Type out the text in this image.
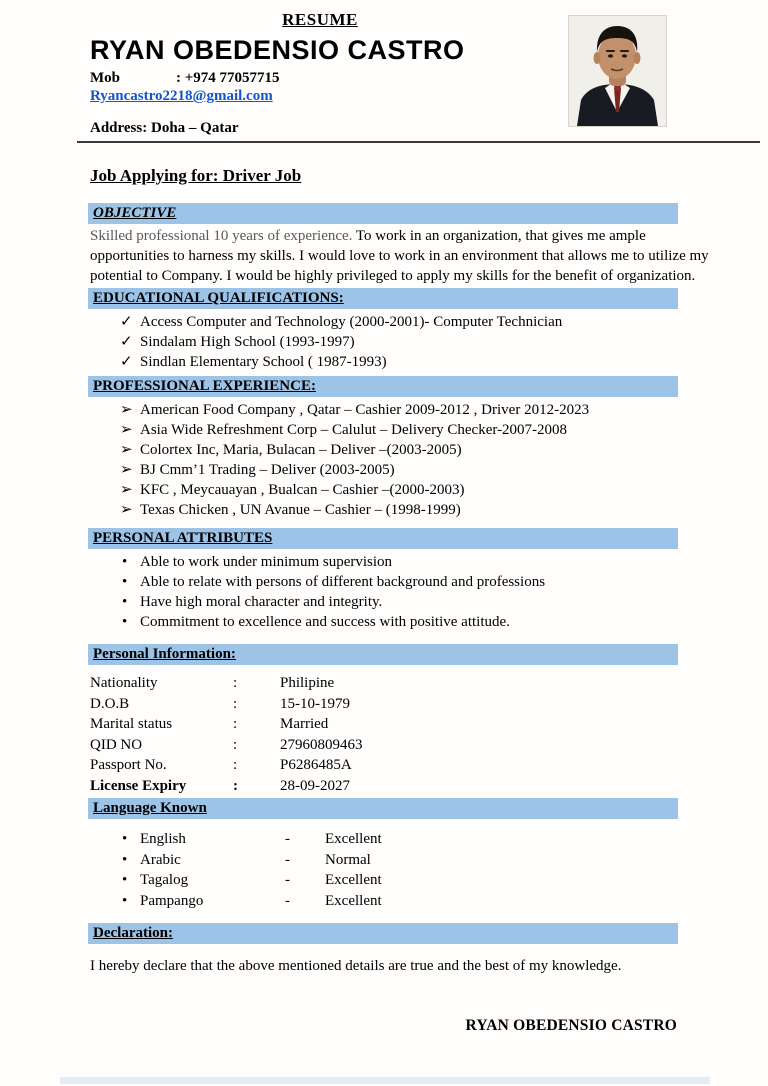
RESUME
RYAN OBEDENSIO CASTRO
Mob	: +974 77057715
Ryancastro2218@gmail.com
Address: Doha – Qatar
Job Applying for: Driver Job
OBJECTIVE

Skilled professional 10 years of experience. To work in an organization, that gives me ample opportunities to harness my skills. I would love to work in an environment that allows me to utilize my potential to Company. I would be highly privileged to apply my skills for the benefit of organization.

EDUCATIONAL QUALIFICATIONS:
✓ Access Computer and Technology (2000-2001)- Computer Technician
✓ Sindalam High School (1993-1997)
✓ Sindlan Elementary School ( 1987-1993)
PROFESSIONAL EXPERIENCE:
➢ American Food Company , Qatar – Cashier 2009-2012 , Driver 2012-2023
➢ Asia Wide Refreshment Corp – Calulut – Delivery Checker-2007-2008
➢ Colortex Inc, Maria, Bulacan – Deliver –(2003-2005)
➢ BJ Cmm’1 Trading – Deliver (2003-2005)
➢ KFC , Meycauayan , Bualcan – Cashier –(2000-2003)
➢ Texas Chicken , UN Avanue – Cashier – (1998-1999)
PERSONAL ATTRIBUTES
• Able to work under minimum supervision
• Able to relate with persons of different background and professions
• Have high moral character and integrity.
• Commitment to excellence and success with positive attitude.
Personal Information:
Nationality	:	Philipine
D.O.B	:	15-10-1979
Marital status	:	Married
QID NO	:	27960809463
Passport No.	:	P6286485A
License Expiry	:	28-09-2027
Language Known
• English	-	Excellent
• Arabic	-	Normal
• Tagalog	-	Excellent
• Pampango	-	Excellent
Declaration:

I hereby declare that the above mentioned details are true and the best of my knowledge.

RYAN OBEDENSIO CASTRO
